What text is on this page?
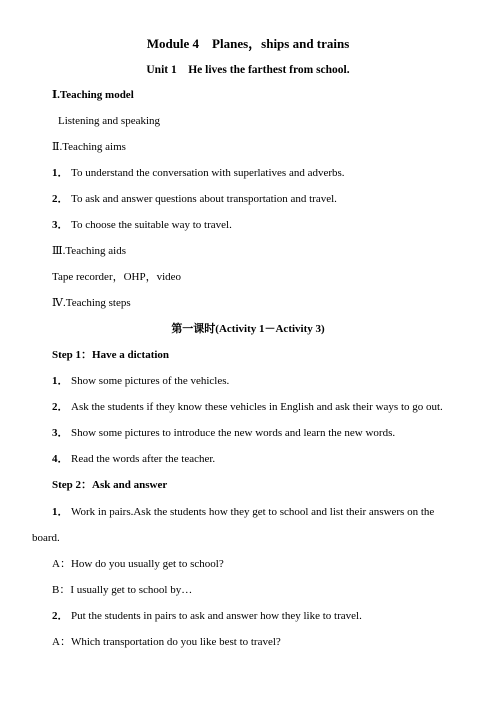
Module 4　Planes，ships and trains
Unit 1　He lives the farthest from school.
Ⅰ.Teaching model
Listening and speaking
Ⅱ.Teaching aims
1． To understand the conversation with superlatives and adverbs.
2． To ask and answer questions about transportation and travel.
3． To choose the suitable way to travel.
Ⅲ.Teaching aids
Tape recorder，OHP，video
Ⅳ.Teaching steps
第一课时(Activity 1－Activity 3)
Step 1：Have a dictation
1． Show some pictures of the vehicles.
2． Ask the students if they know these vehicles in English and ask their ways to go out.
3． Show some pictures to introduce the new words and learn the new words.
4． Read the words after the teacher.
Step 2：Ask and answer
1． Work in pairs.Ask the students how they get to school and list their answers on the
board.
A：How do you usually get to school?
B：I usually get to school by…
2． Put the students in pairs to ask and answer how they like to travel.
A：Which transportation do you like best to travel?
